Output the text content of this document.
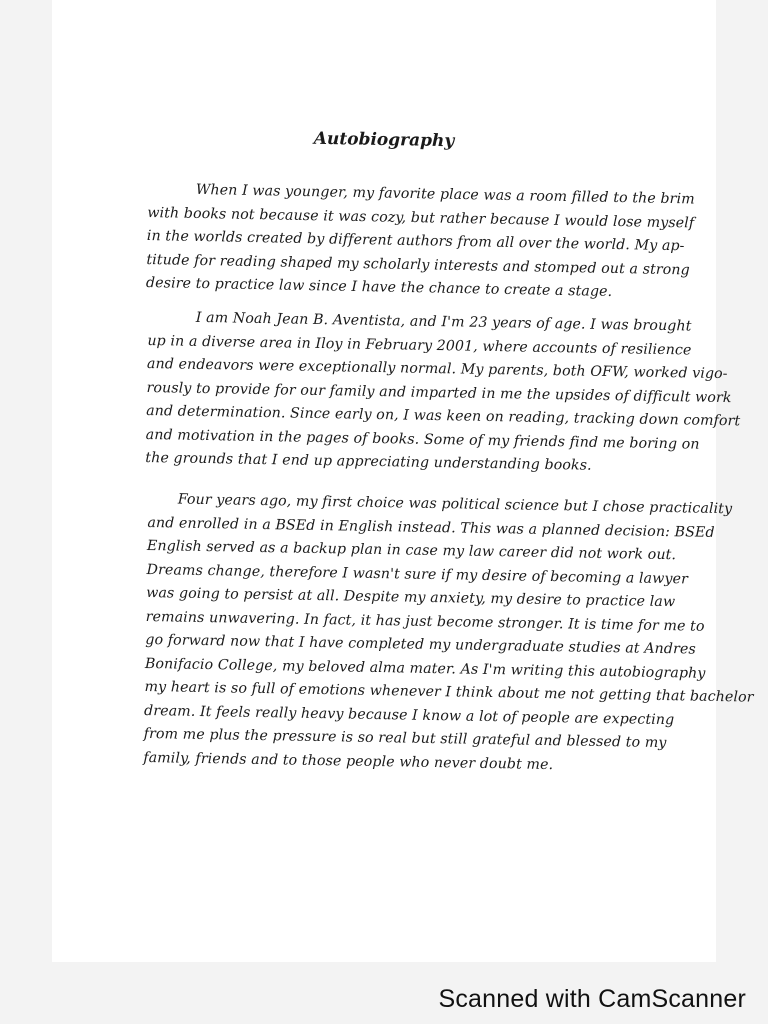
Autobiography

When I was younger, my favorite place was a room filled to the brim
with books not because it was cozy, but rather because I would lose myself
in the worlds created by different authors from all over the world. My ap-
titude for reading shaped my scholarly interests and stomped out a strong
desire to practice law since I have the chance to create a stage.

I am Noah Jean B. Aventista, and I'm 23 years of age. I was brought
up in a diverse area in Iloy in February 2001, where accounts of resilience
and endeavors were exceptionally normal. My parents, both OFW, worked vigo-
rously to provide for our family and imparted in me the upsides of difficult work
and determination. Since early on, I was keen on reading, tracking down comfort
and motivation in the pages of books. Some of my friends find me boring on
the grounds that I end up appreciating understanding books.

Four years ago, my first choice was political science but I chose practicality
and enrolled in a BSEd in English instead. This was a planned decision: BSEd
English served as a backup plan in case my law career did not work out.
Dreams change, therefore I wasn't sure if my desire of becoming a lawyer
was going to persist at all. Despite my anxiety, my desire to practice law
remains unwavering. In fact, it has just become stronger. It is time for me to
go forward now that I have completed my undergraduate studies at Andres
Bonifacio College, my beloved alma mater. As I'm writing this autobiography
my heart is so full of emotions whenever I think about me not getting that bachelor
dream. It feels really heavy because I know a lot of people are expecting
from me plus the pressure is so real but still grateful and blessed to my
family, friends and to those people who never doubt me.

Scanned with CamScanner
